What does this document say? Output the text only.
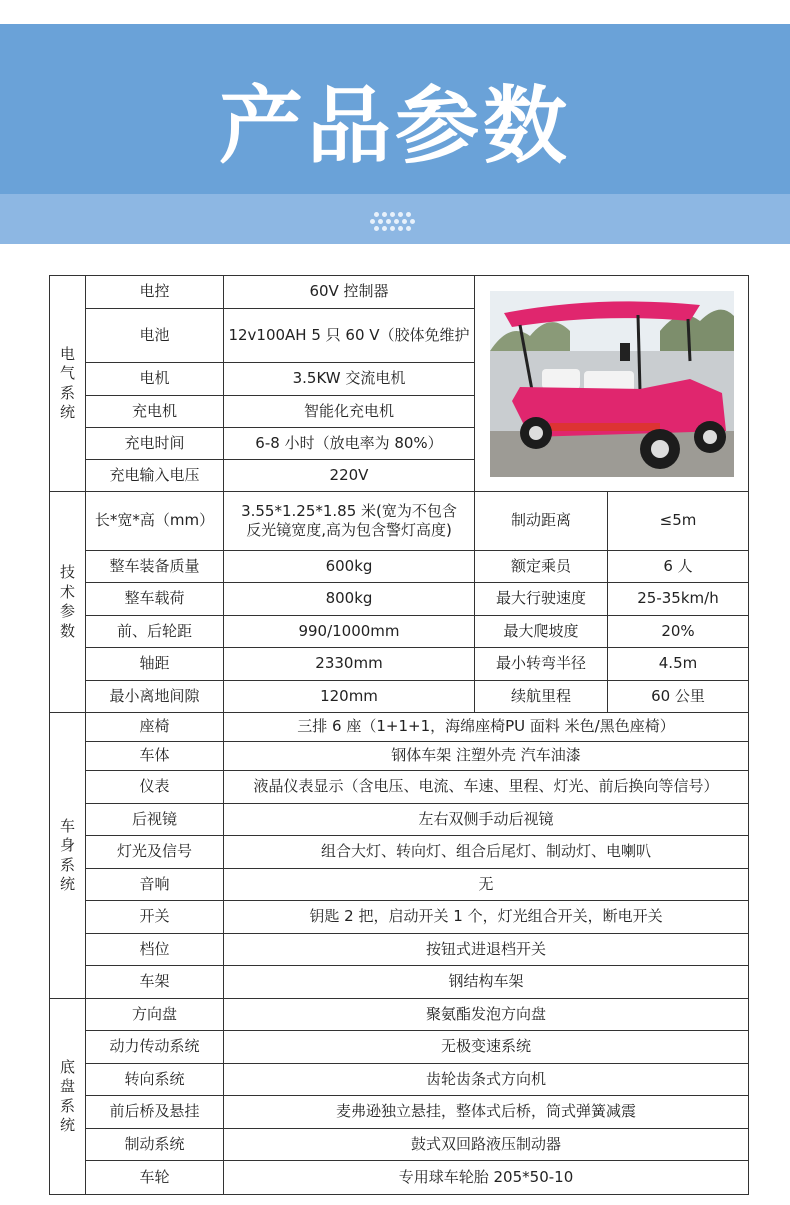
产品参数
电
气
系
统	电控	60V 控制器	

	电池	12v100AH 5 只 60 V（胶体免维护		
	电机	3.5KW 交流电机		
	充电机	智能化充电机		
	充电时间	6-8 小时（放电率为 80%）		
	充电输入电压	220V		

技
术
参
数	长*宽*高（mm）	3.55*1.25*1.85 米(宽为不包含
反光镜宽度,高为包含警灯高度)	制动距离	≤5m
	整车装备质量	600kg	额定乘员	6 人
	整车载荷	800kg	最大行驶速度	25-35km/h
	前、后轮距	990/1000mm	最大爬坡度	20%
	轴距	2330mm	最小转弯半径	4.5m
	最小离地间隙	120mm	续航里程	60 公里

车
身
系
统	座椅	三排 6 座（1+1+1，海绵座椅PU 面料 米色/黑色座椅）		
	车体	钢体车架 注塑外壳 汽车油漆		
	仪表	液晶仪表显示（含电压、电流、车速、里程、灯光、前后换向等信号）		
	后视镜	左右双侧手动后视镜		
	灯光及信号	组合大灯、转向灯、组合后尾灯、制动灯、电喇叭		
	音响	无		
	开关	钥匙 2 把，启动开关 1 个，灯光组合开关，断电开关		
	档位	按钮式进退档开关		
	车架	钢结构车架		

底
盘
系
统	方向盘	聚氨酯发泡方向盘		
	动力传动系统	无极变速系统		
	转向系统	齿轮齿条式方向机		
	前后桥及悬挂	麦弗逊独立悬挂，整体式后桥，筒式弹簧减震		
	制动系统	鼓式双回路液压制动器		
	车轮	专用球车轮胎 205*50-10		
